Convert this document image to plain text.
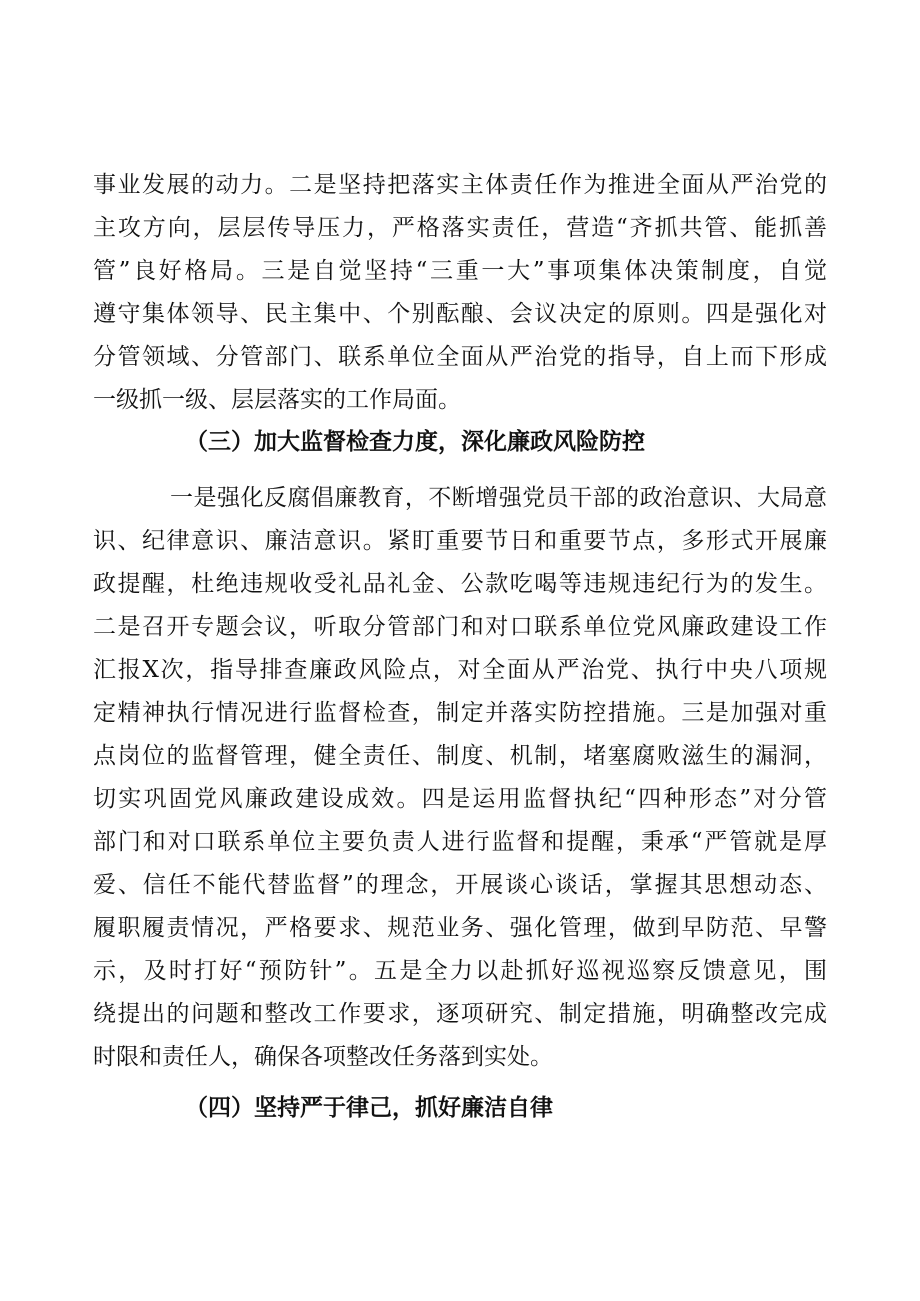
事业发展的动力。二是坚持把落实主体责任作为推进全面从严治党的
主攻方向，层层传导压力，严格落实责任，营造“齐抓共管、能抓善
管”良好格局。三是自觉坚持“三重一大”事项集体决策制度，自觉
遵守集体领导、民主集中、个别酝酿、会议决定的原则。四是强化对
分管领域、分管部门、联系单位全面从严治党的指导，自上而下形成
一级抓一级、层层落实的工作局面。
（三）加大监督检查力度，深化廉政风险防控
一是强化反腐倡廉教育，不断增强党员干部的政治意识、大局意
识、纪律意识、廉洁意识。紧盯重要节日和重要节点，多形式开展廉
政提醒，杜绝违规收受礼品礼金、公款吃喝等违规违纪行为的发生。
二是召开专题会议，听取分管部门和对口联系单位党风廉政建设工作
汇报X次，指导排查廉政风险点，对全面从严治党、执行中央八项规
定精神执行情况进行监督检查，制定并落实防控措施。三是加强对重
点岗位的监督管理，健全责任、制度、机制，堵塞腐败滋生的漏洞，
切实巩固党风廉政建设成效。四是运用监督执纪“四种形态”对分管
部门和对口联系单位主要负责人进行监督和提醒，秉承“严管就是厚
爱、信任不能代替监督”的理念，开展谈心谈话，掌握其思想动态、
履职履责情况，严格要求、规范业务、强化管理，做到早防范、早警
示，及时打好“预防针”。五是全力以赴抓好巡视巡察反馈意见，围
绕提出的问题和整改工作要求，逐项研究、制定措施，明确整改完成
时限和责任人，确保各项整改任务落到实处。
（四）坚持严于律己，抓好廉洁自律
